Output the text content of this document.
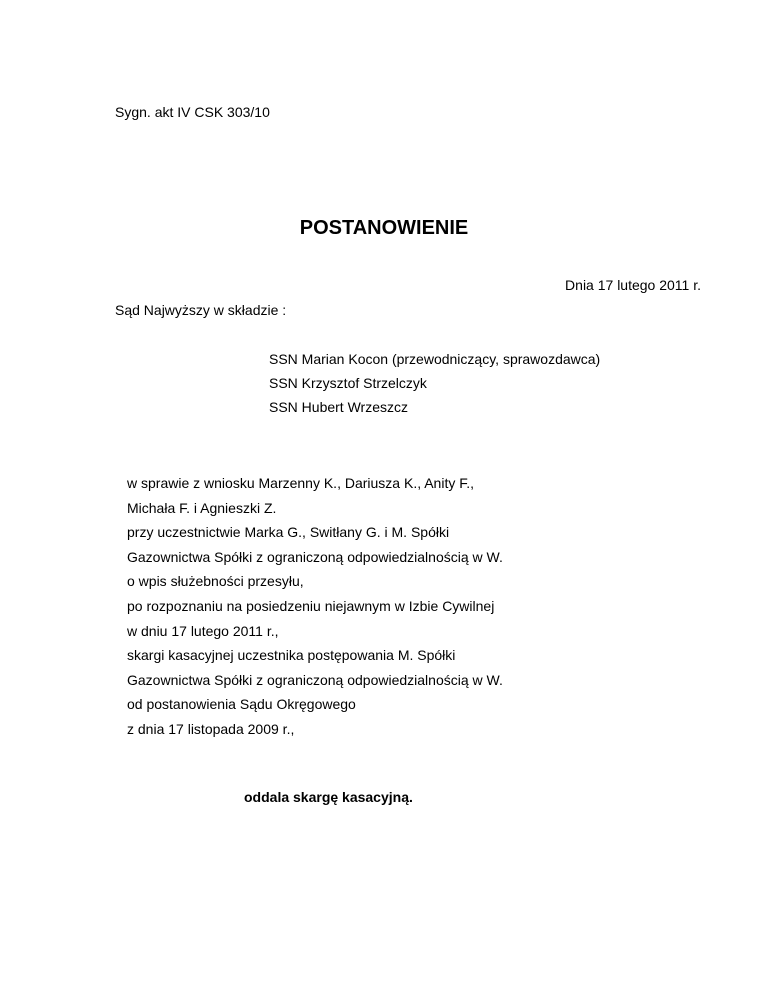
Sygn. akt IV CSK 303/10
POSTANOWIENIE
Dnia 17 lutego 2011 r.
Sąd Najwyższy w składzie :
SSN Marian Kocon (przewodniczący, sprawozdawca)
SSN Krzysztof Strzelczyk
SSN Hubert Wrzeszcz
w sprawie z wniosku Marzenny K., Dariusza K., Anity F.,
Michała F. i Agnieszki Z.
przy uczestnictwie Marka G., Switłany G. i M. Spółki
Gazownictwa Spółki z ograniczoną odpowiedzialnością w W.
o wpis służebności przesyłu,
po rozpoznaniu na posiedzeniu niejawnym w Izbie Cywilnej
w dniu 17 lutego 2011 r.,
skargi kasacyjnej uczestnika postępowania M. Spółki
Gazownictwa Spółki z ograniczoną odpowiedzialnością w W.
od postanowienia Sądu Okręgowego
z dnia 17 listopada 2009 r.,
oddala skargę kasacyjną.
